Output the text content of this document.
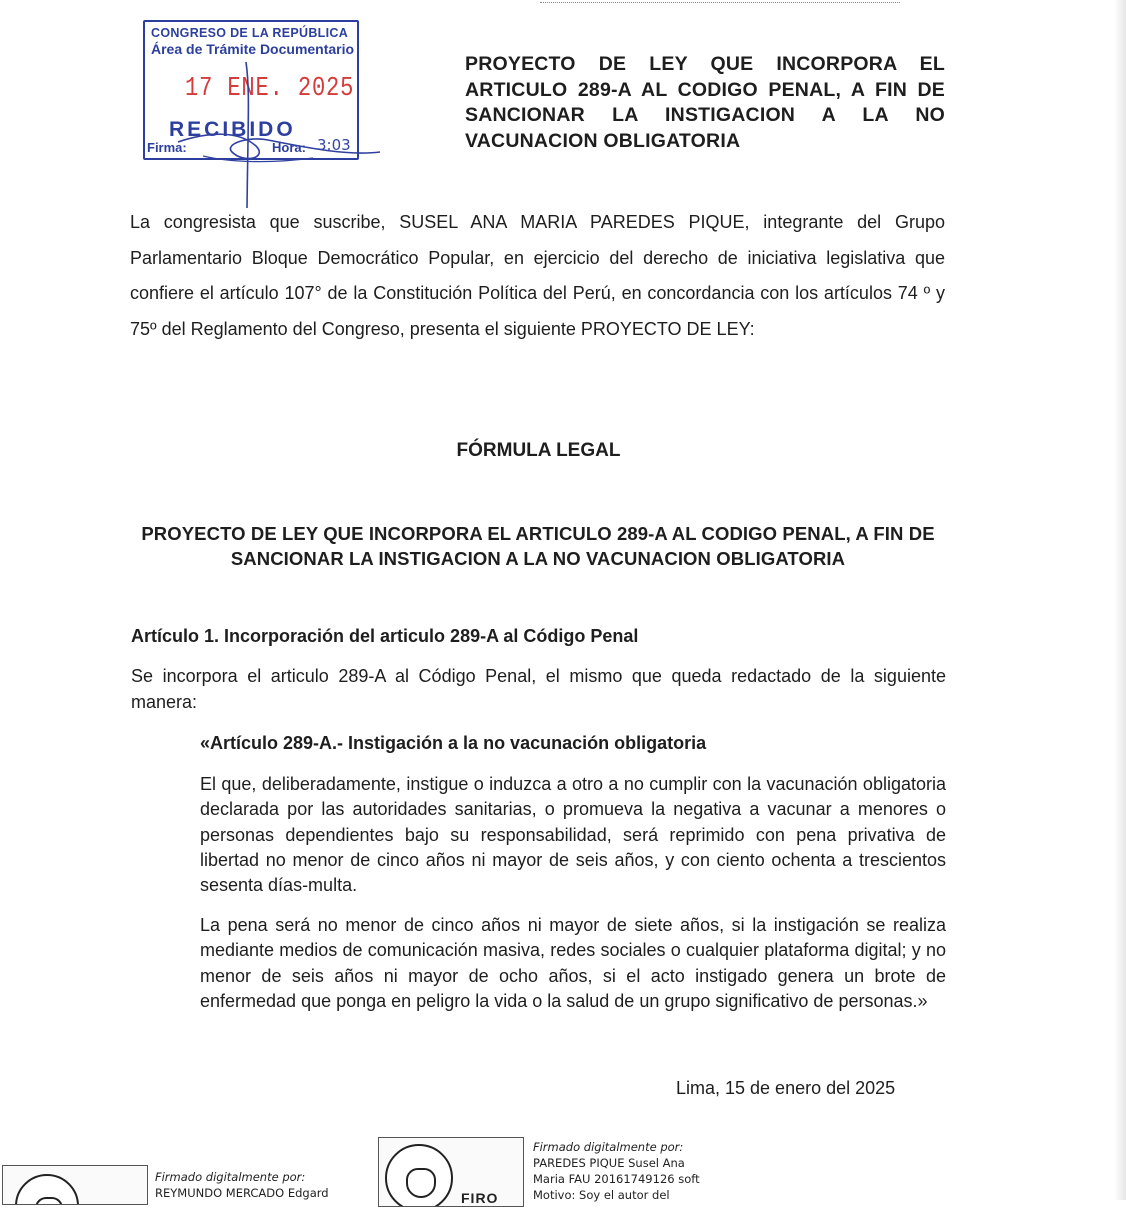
CONGRESO DE LA REPÚBLICA
Área de Trámite Documentario
17 ENE. 2025
RECIBIDO
Firma:	Hora: 3:03
PROYECTO DE LEY QUE INCORPORA EL ARTICULO 289-A AL CODIGO PENAL, A FIN DE SANCIONAR LA INSTIGACION A LA NO VACUNACION OBLIGATORIA
La congresista que suscribe, SUSEL ANA MARIA PAREDES PIQUE, integrante del Grupo Parlamentario Bloque Democrático Popular, en ejercicio del derecho de iniciativa legislativa que confiere el artículo 107° de la Constitución Política del Perú, en concordancia con los artículos 74 º y 75º del Reglamento del Congreso, presenta el siguiente PROYECTO DE LEY:
FÓRMULA LEGAL
PROYECTO DE LEY QUE INCORPORA EL ARTICULO 289-A AL CODIGO PENAL, A FIN DE SANCIONAR LA INSTIGACION A LA NO VACUNACION OBLIGATORIA
Artículo 1. Incorporación del articulo 289-A al Código Penal
Se incorpora el articulo 289-A al Código Penal, el mismo que queda redactado de la siguiente manera:
«Artículo 289-A.- Instigación a la no vacunación obligatoria
El que, deliberadamente, instigue o induzca a otro a no cumplir con la vacunación obligatoria declarada por las autoridades sanitarias, o promueva la negativa a vacunar a menores o personas dependientes bajo su responsabilidad, será reprimido con pena privativa de libertad no menor de cinco años ni mayor de seis años, y con ciento ochenta a trescientos sesenta días-multa.
La pena será no menor de cinco años ni mayor de siete años, si la instigación se realiza mediante medios de comunicación masiva, redes sociales o cualquier plataforma digital; y no menor de seis años ni mayor de ocho años, si el acto instigado genera un brote de enfermedad que ponga en peligro la vida o la salud de un grupo significativo de personas.»
Lima, 15 de enero del 2025
Firmado digitalmente por:
REYMUNDO MERCADO Edgard	FIRO
Firmado digitalmente por:
PAREDES PIQUE Susel Ana
Maria FAU 20161749126 soft
Motivo: Soy el autor del
